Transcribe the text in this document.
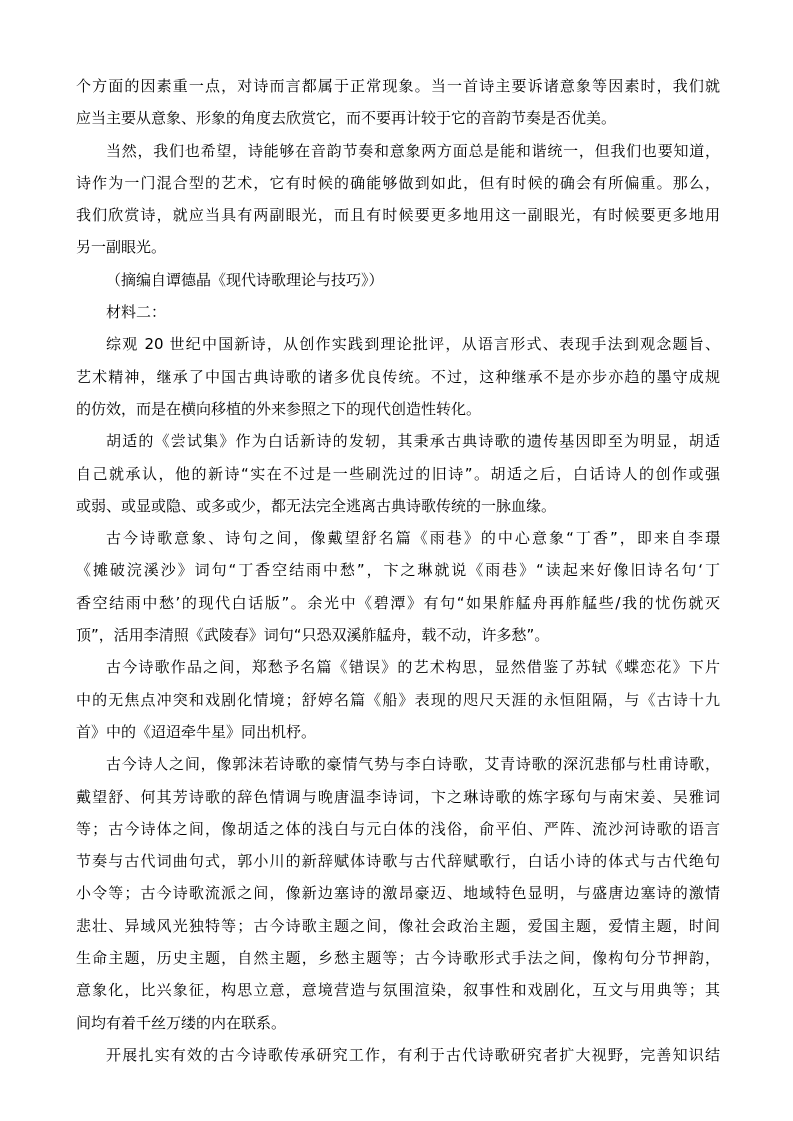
个方面的因素重一点，对诗而言都属于正常现象。当一首诗主要诉诸意象等因素时，我们就
应当主要从意象、形象的角度去欣赏它，而不要再计较于它的音韵节奏是否优美。
当然，我们也希望，诗能够在音韵节奏和意象两方面总是能和谐统一，但我们也要知道，
诗作为一门混合型的艺术，它有时候的确能够做到如此，但有时候的确会有所偏重。那么，
我们欣赏诗，就应当具有两副眼光，而且有时候要更多地用这一副眼光，有时候要更多地用
另一副眼光。
（摘编自谭德晶《现代诗歌理论与技巧》）
材料二：
综观 20 世纪中国新诗，从创作实践到理论批评，从语言形式、表现手法到观念题旨、
艺术精神，继承了中国古典诗歌的诸多优良传统。不过，这种继承不是亦步亦趋的墨守成规
的仿效，而是在横向移植的外来参照之下的现代创造性转化。
胡适的《尝试集》作为白话新诗的发轫，其秉承古典诗歌的遗传基因即至为明显，胡适
自己就承认，他的新诗“实在不过是一些刷洗过的旧诗”。胡适之后，白话诗人的创作或强
或弱、或显或隐、或多或少，都无法完全逃离古典诗歌传统的一脉血缘。
古今诗歌意象、诗句之间，像戴望舒名篇《雨巷》的中心意象“丁香”，即来自李璟
《摊破浣溪沙》词句“丁香空结雨中愁”，卞之琳就说《雨巷》“读起来好像旧诗名句‘丁
香空结雨中愁’的现代白话版”。余光中《碧潭》有句“如果舴艋舟再舴艋些/我的忧伤就灭
顶”，活用李清照《武陵春》词句“只恐双溪舴艋舟，载不动，许多愁”。
古今诗歌作品之间，郑愁予名篇《错误》的艺术构思，显然借鉴了苏轼《蝶恋花》下片
中的无焦点冲突和戏剧化情境；舒婷名篇《船》表现的咫尺天涯的永恒阻隔，与《古诗十九
首》中的《迢迢牵牛星》同出机杼。
古今诗人之间，像郭沫若诗歌的豪情气势与李白诗歌，艾青诗歌的深沉悲郁与杜甫诗歌，
戴望舒、何其芳诗歌的辞色情调与晚唐温李诗词，卞之琳诗歌的炼字琢句与南宋姜、吴雅词
等；古今诗体之间，像胡适之体的浅白与元白体的浅俗，俞平伯、严阵、流沙河诗歌的语言
节奏与古代词曲句式，郭小川的新辞赋体诗歌与古代辞赋歌行，白话小诗的体式与古代绝句
小令等；古今诗歌流派之间，像新边塞诗的激昂豪迈、地域特色显明，与盛唐边塞诗的激情
悲壮、异域风光独特等；古今诗歌主题之间，像社会政治主题，爱国主题，爱情主题，时间
生命主题，历史主题，自然主题，乡愁主题等；古今诗歌形式手法之间，像构句分节押韵，
意象化，比兴象征，构思立意，意境营造与氛围渲染，叙事性和戏剧化，互文与用典等；其
间均有着千丝万缕的内在联系。
开展扎实有效的古今诗歌传承研究工作，有利于古代诗歌研究者扩大视野，完善知识结
